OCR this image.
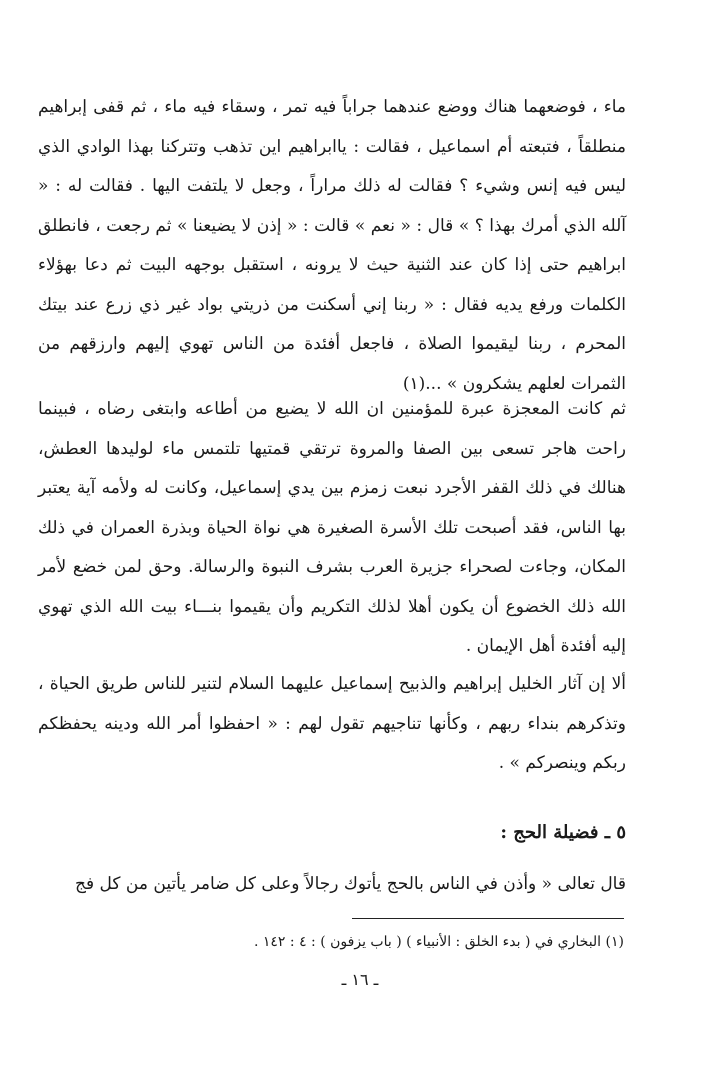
ماء ، فوضعهما هناك ووضع عندهما جراباً فيه تمر ، وسقاء فيه ماء ، ثم قفى إبراهيم منطلقاً ، فتبعته أم اسماعيل ، فقالت : ياابراهيم اين تذهب وتتركنا بهذا الوادي الذي ليس فيه إنس وشيء ؟ فقالت له ذلك مراراً ، وجعل لا يلتفت اليها . فقالت له : « آلله الذي أمرك بهذا ؟ » قال : « نعم » قالت : « إذن لا يضيعنا » ثم رجعت ، فانطلق ابراهيم حتى إذا كان عند الثنية حيث لا يرونه ، استقبل بوجهه البيت ثم دعا بهؤلاء الكلمات ورفع يديه فقال : « ربنا إني أسكنت من ذريتي بواد غير ذي زرع عند بيتك المحرم ، ربنا ليقيموا الصلاة ، فاجعل أفئدة من الناس تهوي إليهم وارزقهم من الثمرات لعلهم يشكرون » ...(١)

ثم كانت المعجزة عبرة للمؤمنين ان الله لا يضيع من أطاعه وابتغى رضاه ، فبينما راحت هاجر تسعى بين الصفا والمروة ترتقي قمتيها تلتمس ماء لوليدها العطش، هنالك في ذلك القفر الأجرد نبعت زمزم بين يدي إسماعيل، وكانت له ولأمه آية يعتبر بها الناس، فقد أصبحت تلك الأسرة الصغيرة هي نواة الحياة وبذرة العمران في ذلك المكان، وجاءت لصحراء جزيرة العرب بشرف النبوة والرسالة. وحق لمن خضع لأمر الله ذلك الخضوع أن يكون أهلا لذلك التكريم وأن يقيموا بنـــاء بيت الله الذي تهوي إليه أفئدة أهل الإيمان .

ألا إن آثار الخليل إبراهيم والذبيح إسماعيل عليهما السلام لتنير للناس طريق الحياة ، وتذكرهم بنداء ربهم ، وكأنها تناجيهم تقول لهم : « احفظوا أمر الله ودينه يحفظكم ربكم وينصركم » .

٥ ـ فضيلة الحج :

قال تعالى « وأذن في الناس بالحج يأتوك رجالاً وعلى كل ضامر يأتين من كل فج

(١) البخاري في ( بدء الخلق : الأنبياء ) ( باب يزفون ) : ٤ : ١٤٢ .
ـ ١٦ ـ
